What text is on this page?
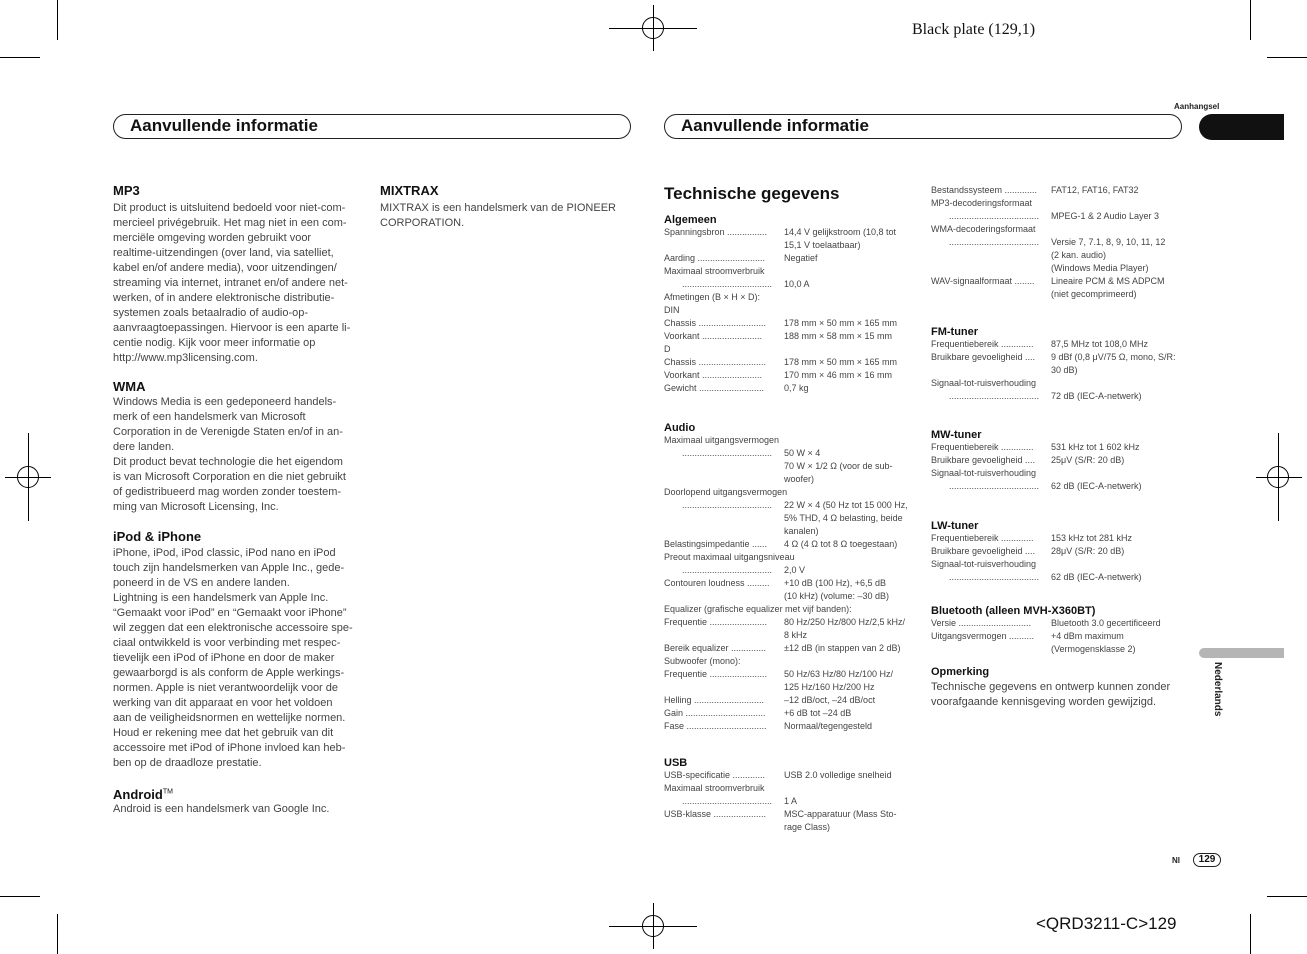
Black plate (129,1)
Aanhangsel
Aanvullende informatie	Aanvullende informatie
MP3
Dit product is uitsluitend bedoeld voor niet-com-
mercieel privégebruik. Het mag niet in een com-
merciële omgeving worden gebruikt voor
realtime-uitzendingen (over land, via satelliet,
kabel en/of andere media), voor uitzendingen/
streaming via internet, intranet en/of andere net-
werken, of in andere elektronische distributie-
systemen zoals betaalradio of audio-op-
aanvraagtoepassingen. Hiervoor is een aparte li-
centie nodig. Kijk voor meer informatie op
http://www.mp3licensing.com.
WMA
Windows Media is een gedeponeerd handels-
merk of een handelsmerk van Microsoft
Corporation in de Verenigde Staten en/of in an-
dere landen.
Dit product bevat technologie die het eigendom
is van Microsoft Corporation en die niet gebruikt
of gedistribueerd mag worden zonder toestem-
ming van Microsoft Licensing, Inc.
iPod & iPhone
iPhone, iPod, iPod classic, iPod nano en iPod
touch zijn handelsmerken van Apple Inc., gede-
poneerd in de VS en andere landen.
Lightning is een handelsmerk van Apple Inc.
“Gemaakt voor iPod” en “Gemaakt voor iPhone”
wil zeggen dat een elektronische accessoire spe-
ciaal ontwikkeld is voor verbinding met respec-
tievelijk een iPod of iPhone en door de maker
gewaarborgd is als conform de Apple werkings-
normen. Apple is niet verantwoordelijk voor de
werking van dit apparaat en voor het voldoen
aan de veiligheidsnormen en wettelijke normen.
Houd er rekening mee dat het gebruik van dit
accessoire met iPod of iPhone invloed kan heb-
ben op de draadloze prestatie.
Android™
Android is een handelsmerk van Google Inc.
MIXTRAX
MIXTRAX is een handelsmerk van de PIONEER
CORPORATION.
Technische gegevens
Algemeen
Spanningsbron ................ 14,4 V gelijkstroom (10,8 tot
15,1 V toelaatbaar)
Aarding ........................... Negatief
Maximaal stroomverbruik
.................................... 10,0 A
Afmetingen (B × H × D):
DIN
Chassis ........................... 178 mm × 50 mm × 165 mm
Voorkant ........................ 188 mm × 58 mm × 15 mm
D
Chassis ........................... 178 mm × 50 mm × 165 mm
Voorkant ........................ 170 mm × 46 mm × 16 mm
Gewicht .......................... 0,7 kg
Audio
Maximaal uitgangsvermogen
.................................... 50 W × 4
70 W × 1/2 Ω (voor de sub-
woofer)
Doorlopend uitgangsvermogen
.................................... 22 W × 4 (50 Hz tot 15 000 Hz,
5% THD, 4 Ω belasting, beide
kanalen)
Belastingsimpedantie ...... 4 Ω (4 Ω tot 8 Ω toegestaan)
Preout maximaal uitgangsniveau
.................................... 2,0 V
Contouren loudness ......... +10 dB (100 Hz), +6,5 dB
(10 kHz) (volume: –30 dB)
Equalizer (grafische equalizer met vijf banden):
Frequentie ....................... 80 Hz/250 Hz/800 Hz/2,5 kHz/
8 kHz
Bereik equalizer .............. ±12 dB (in stappen van 2 dB)
Subwoofer (mono):
Frequentie ....................... 50 Hz/63 Hz/80 Hz/100 Hz/
125 Hz/160 Hz/200 Hz
Helling ............................ –12 dB/oct, –24 dB/oct
Gain ................................ +6 dB tot –24 dB
Fase ................................ Normaal/tegengesteld
USB
USB-specificatie ............. USB 2.0 volledige snelheid
Maximaal stroomverbruik
.................................... 1 A
USB-klasse ..................... MSC-apparatuur (Mass Sto-
rage Class)
Bestandssysteem ............. FAT12, FAT16, FAT32
MP3-decoderingsformaat
.................................... MPEG-1 & 2 Audio Layer 3
WMA-decoderingsformaat
.................................... Versie 7, 7.1, 8, 9, 10, 11, 12
(2 kan. audio)
(Windows Media Player)
WAV-signaalformaat ........ Lineaire PCM & MS ADPCM
(niet gecomprimeerd)
FM-tuner
Frequentiebereik ............. 87,5 MHz tot 108,0 MHz
Bruikbare gevoeligheid .... 9 dBf (0,8 μV/75 Ω, mono, S/R:
30 dB)
Signaal-tot-ruisverhouding
.................................... 72 dB (IEC-A-netwerk)
MW-tuner
Frequentiebereik ............. 531 kHz tot 1 602 kHz
Bruikbare gevoeligheid .... 25μV (S/R: 20 dB)
Signaal-tot-ruisverhouding
.................................... 62 dB (IEC-A-netwerk)
LW-tuner
Frequentiebereik ............. 153 kHz tot 281 kHz
Bruikbare gevoeligheid .... 28μV (S/R: 20 dB)
Signaal-tot-ruisverhouding
.................................... 62 dB (IEC-A-netwerk)
Bluetooth (alleen MVH-X360BT)
Versie ............................. Bluetooth 3.0 gecertificeerd
Uitgangsvermogen .......... +4 dBm maximum
(Vermogensklasse 2)
Opmerking
Technische gegevens en ontwerp kunnen zonder
voorafgaande kennisgeving worden gewijzigd.	Nederlands
Nl	129
<QRD3211-C>129
